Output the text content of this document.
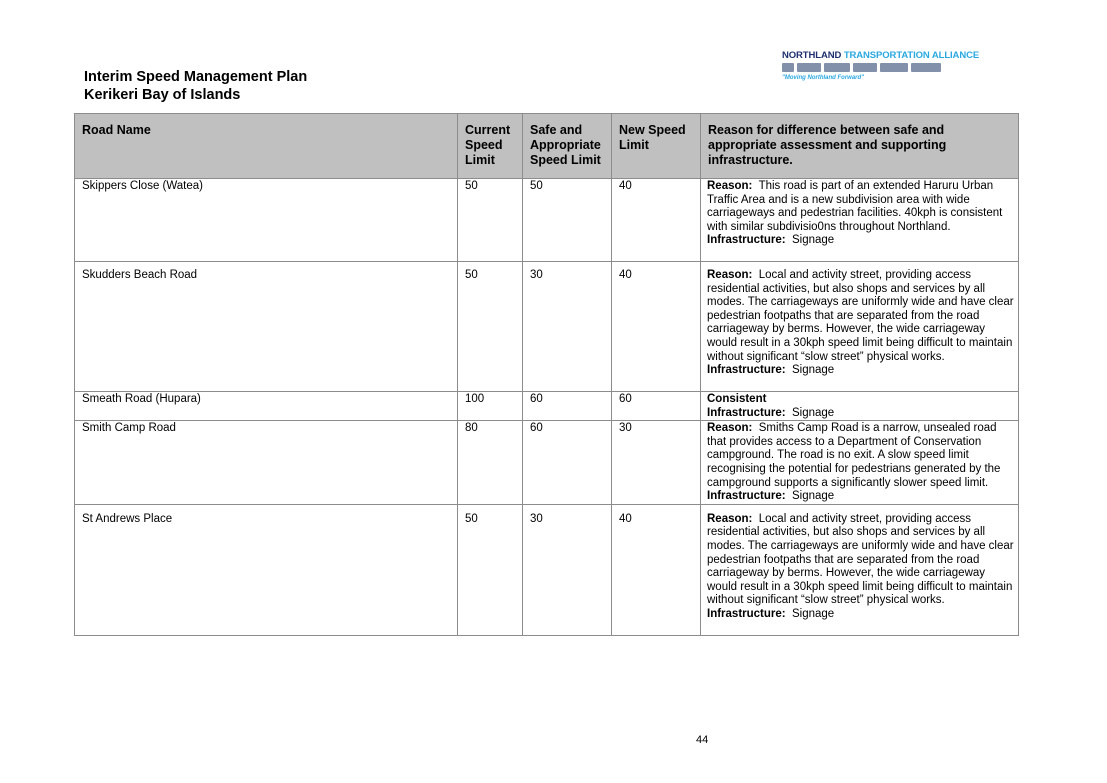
Interim Speed Management Plan
Kerikeri Bay of Islands
NORTHLAND TRANSPORTATION ALLIANCE
"Moving Northland Forward"
Road Name	Current Speed Limit	Safe and Appropriate Speed Limit	New Speed Limit	Reason for difference between safe and appropriate assessment and supporting infrastructure.
Skippers Close (Watea)	50	50	40	Reason: This road is part of an extended Haruru Urban Traffic Area and is a new subdivision area with wide carriageways and pedestrian facilities. 40kph is consistent with similar subdivisio0ns throughout Northland.
Infrastructure: Signage
Skudders Beach Road	50	30	40	Reason: Local and activity street, providing access residential activities, but also shops and services by all modes. The carriageways are uniformly wide and have clear pedestrian footpaths that are separated from the road carriageway by berms. However, the wide carriageway would result in a 30kph speed limit being difficult to maintain without significant “slow street” physical works.
Infrastructure: Signage
Smeath Road (Hupara)	100	60	60	Consistent
Infrastructure: Signage
Smith Camp Road	80	60	30	Reason: Smiths Camp Road is a narrow, unsealed road that provides access to a Department of Conservation campground. The road is no exit. A slow speed limit recognising the potential for pedestrians generated by the campground supports a significantly slower speed limit.
Infrastructure: Signage
St Andrews Place	50	30	40	Reason: Local and activity street, providing access residential activities, but also shops and services by all modes. The carriageways are uniformly wide and have clear pedestrian footpaths that are separated from the road carriageway by berms. However, the wide carriageway would result in a 30kph speed limit being difficult to maintain without significant “slow street” physical works.
Infrastructure: Signage
44
